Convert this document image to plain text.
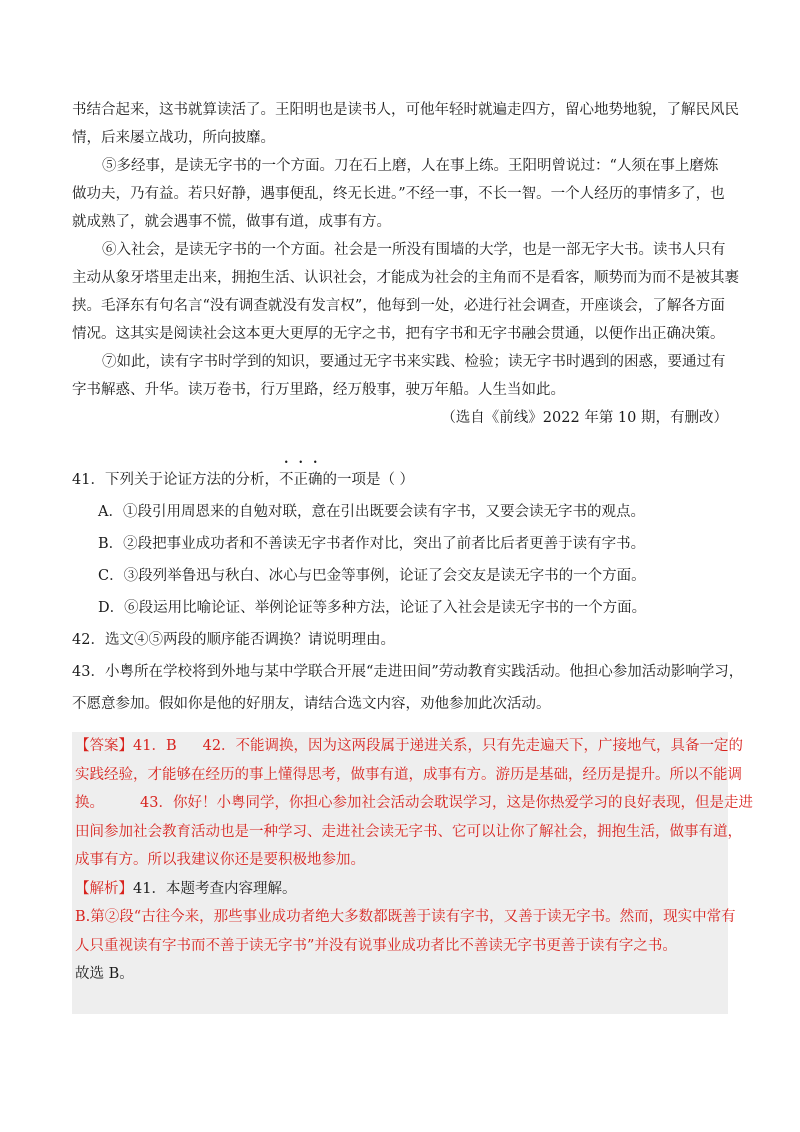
书结合起来，这书就算读活了。王阳明也是读书人，可他年轻时就遍走四方，留心地势地貌，了解民风民
情，后来屡立战功，所向披靡。
⑤多经事，是读无字书的一个方面。刀在石上磨，人在事上练。王阳明曾说过：“人须在事上磨炼
做功夫，乃有益。若只好静，遇事便乱，终无长进。”不经一事，不长一智。一个人经历的事情多了，也
就成熟了，就会遇事不慌，做事有道，成事有方。
⑥入社会，是读无字书的一个方面。社会是一所没有围墙的大学，也是一部无字大书。读书人只有
主动从象牙塔里走出来，拥抱生活、认识社会，才能成为社会的主角而不是看客，顺势而为而不是被其裹
挟。毛泽东有句名言“没有调查就没有发言权”，他每到一处，必进行社会调查，开座谈会，了解各方面
情况。这其实是阅读社会这本更大更厚的无字之书，把有字书和无字书融会贯通，以便作出正确决策。
⑦如此，读有字书时学到的知识，要通过无字书来实践、检验；读无字书时遇到的困惑，要通过有
字书解惑、升华。读万卷书，行万里路，经万般事，驶万年船。人生当如此。
（选自《前线》2022 年第 10 期，有删改）
41．下列关于论证方法的分析，不正确的一项是（ ）
A．①段引用周恩来的自勉对联，意在引出既要会读有字书，又要会读无字书的观点。
B．②段把事业成功者和不善读无字书者作对比，突出了前者比后者更善于读有字书。
C．③段列举鲁迅与秋白、冰心与巴金等事例，论证了会交友是读无字书的一个方面。
D．⑥段运用比喻论证、举例论证等多种方法，论证了入社会是读无字书的一个方面。
42．选文④⑤两段的顺序能否调换？请说明理由。
43．小粤所在学校将到外地与某中学联合开展“走进田间”劳动教育实践活动。他担心参加活动影响学习，
不愿意参加。假如你是他的好朋友，请结合选文内容，劝他参加此次活动。
【答案】41．B 42．不能调换，因为这两段属于递进关系，只有先走遍天下，广接地气，具备一定的
实践经验，才能够在经历的事上懂得思考，做事有道，成事有方。游历是基础，经历是提升。所以不能调
换。 43．你好！小粤同学，你担心参加社会活动会耽误学习，这是你热爱学习的良好表现，但是走进
田间参加社会教育活动也是一种学习、走进社会读无字书、它可以让你了解社会，拥抱生活，做事有道，
成事有方。所以我建议你还是要积极地参加。
【解析】41．本题考查内容理解。
B.第②段“古往今来，那些事业成功者绝大多数都既善于读有字书，又善于读无字书。然而，现实中常有
人只重视读有字书而不善于读无字书”并没有说事业成功者比不善读无字书更善于读有字之书。
故选 B。
